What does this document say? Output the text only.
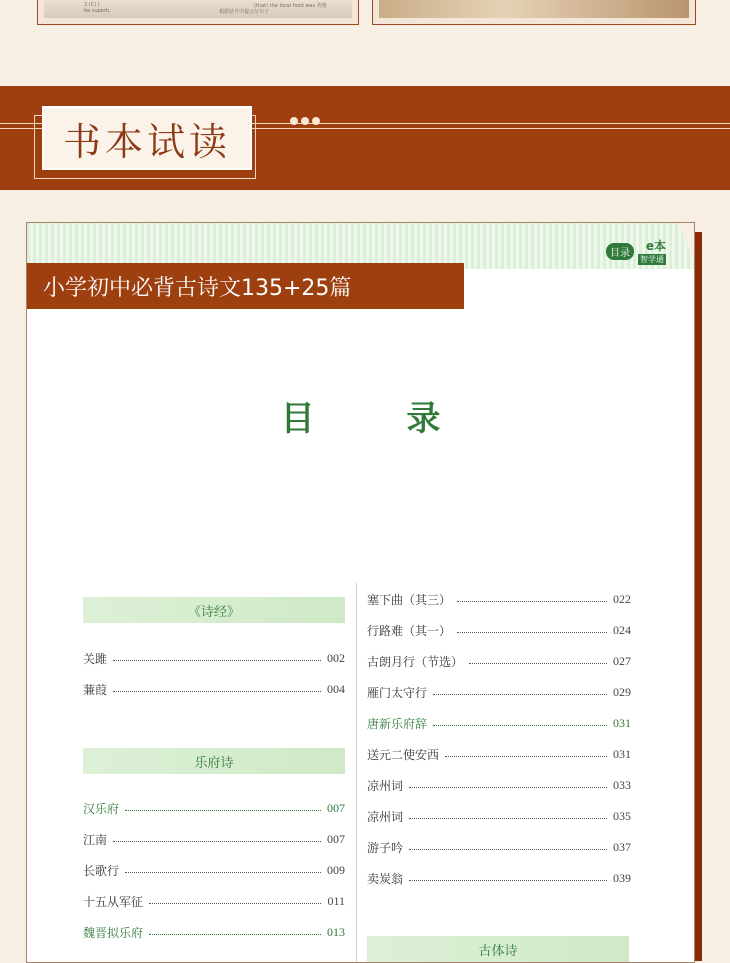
2 (C) (
be superb.
(that) the local food was 英想
根据括号中提示写句子
书本试读
目录	e本
智学通
小学初中必背古诗文135+25篇
目 录
《诗经》
关雎	002
蒹葭	004
乐府诗
汉乐府	007
江南	007
长歌行	009
十五从军征	011
魏晋拟乐府	013
塞下曲（其三）	022
行路难（其一）	024
古朗月行（节选）	027
雁门太守行	029
唐新乐府辞	031
送元二使安西	031
凉州词	033
凉州词	035
游子吟	037
卖炭翁	039
古体诗
